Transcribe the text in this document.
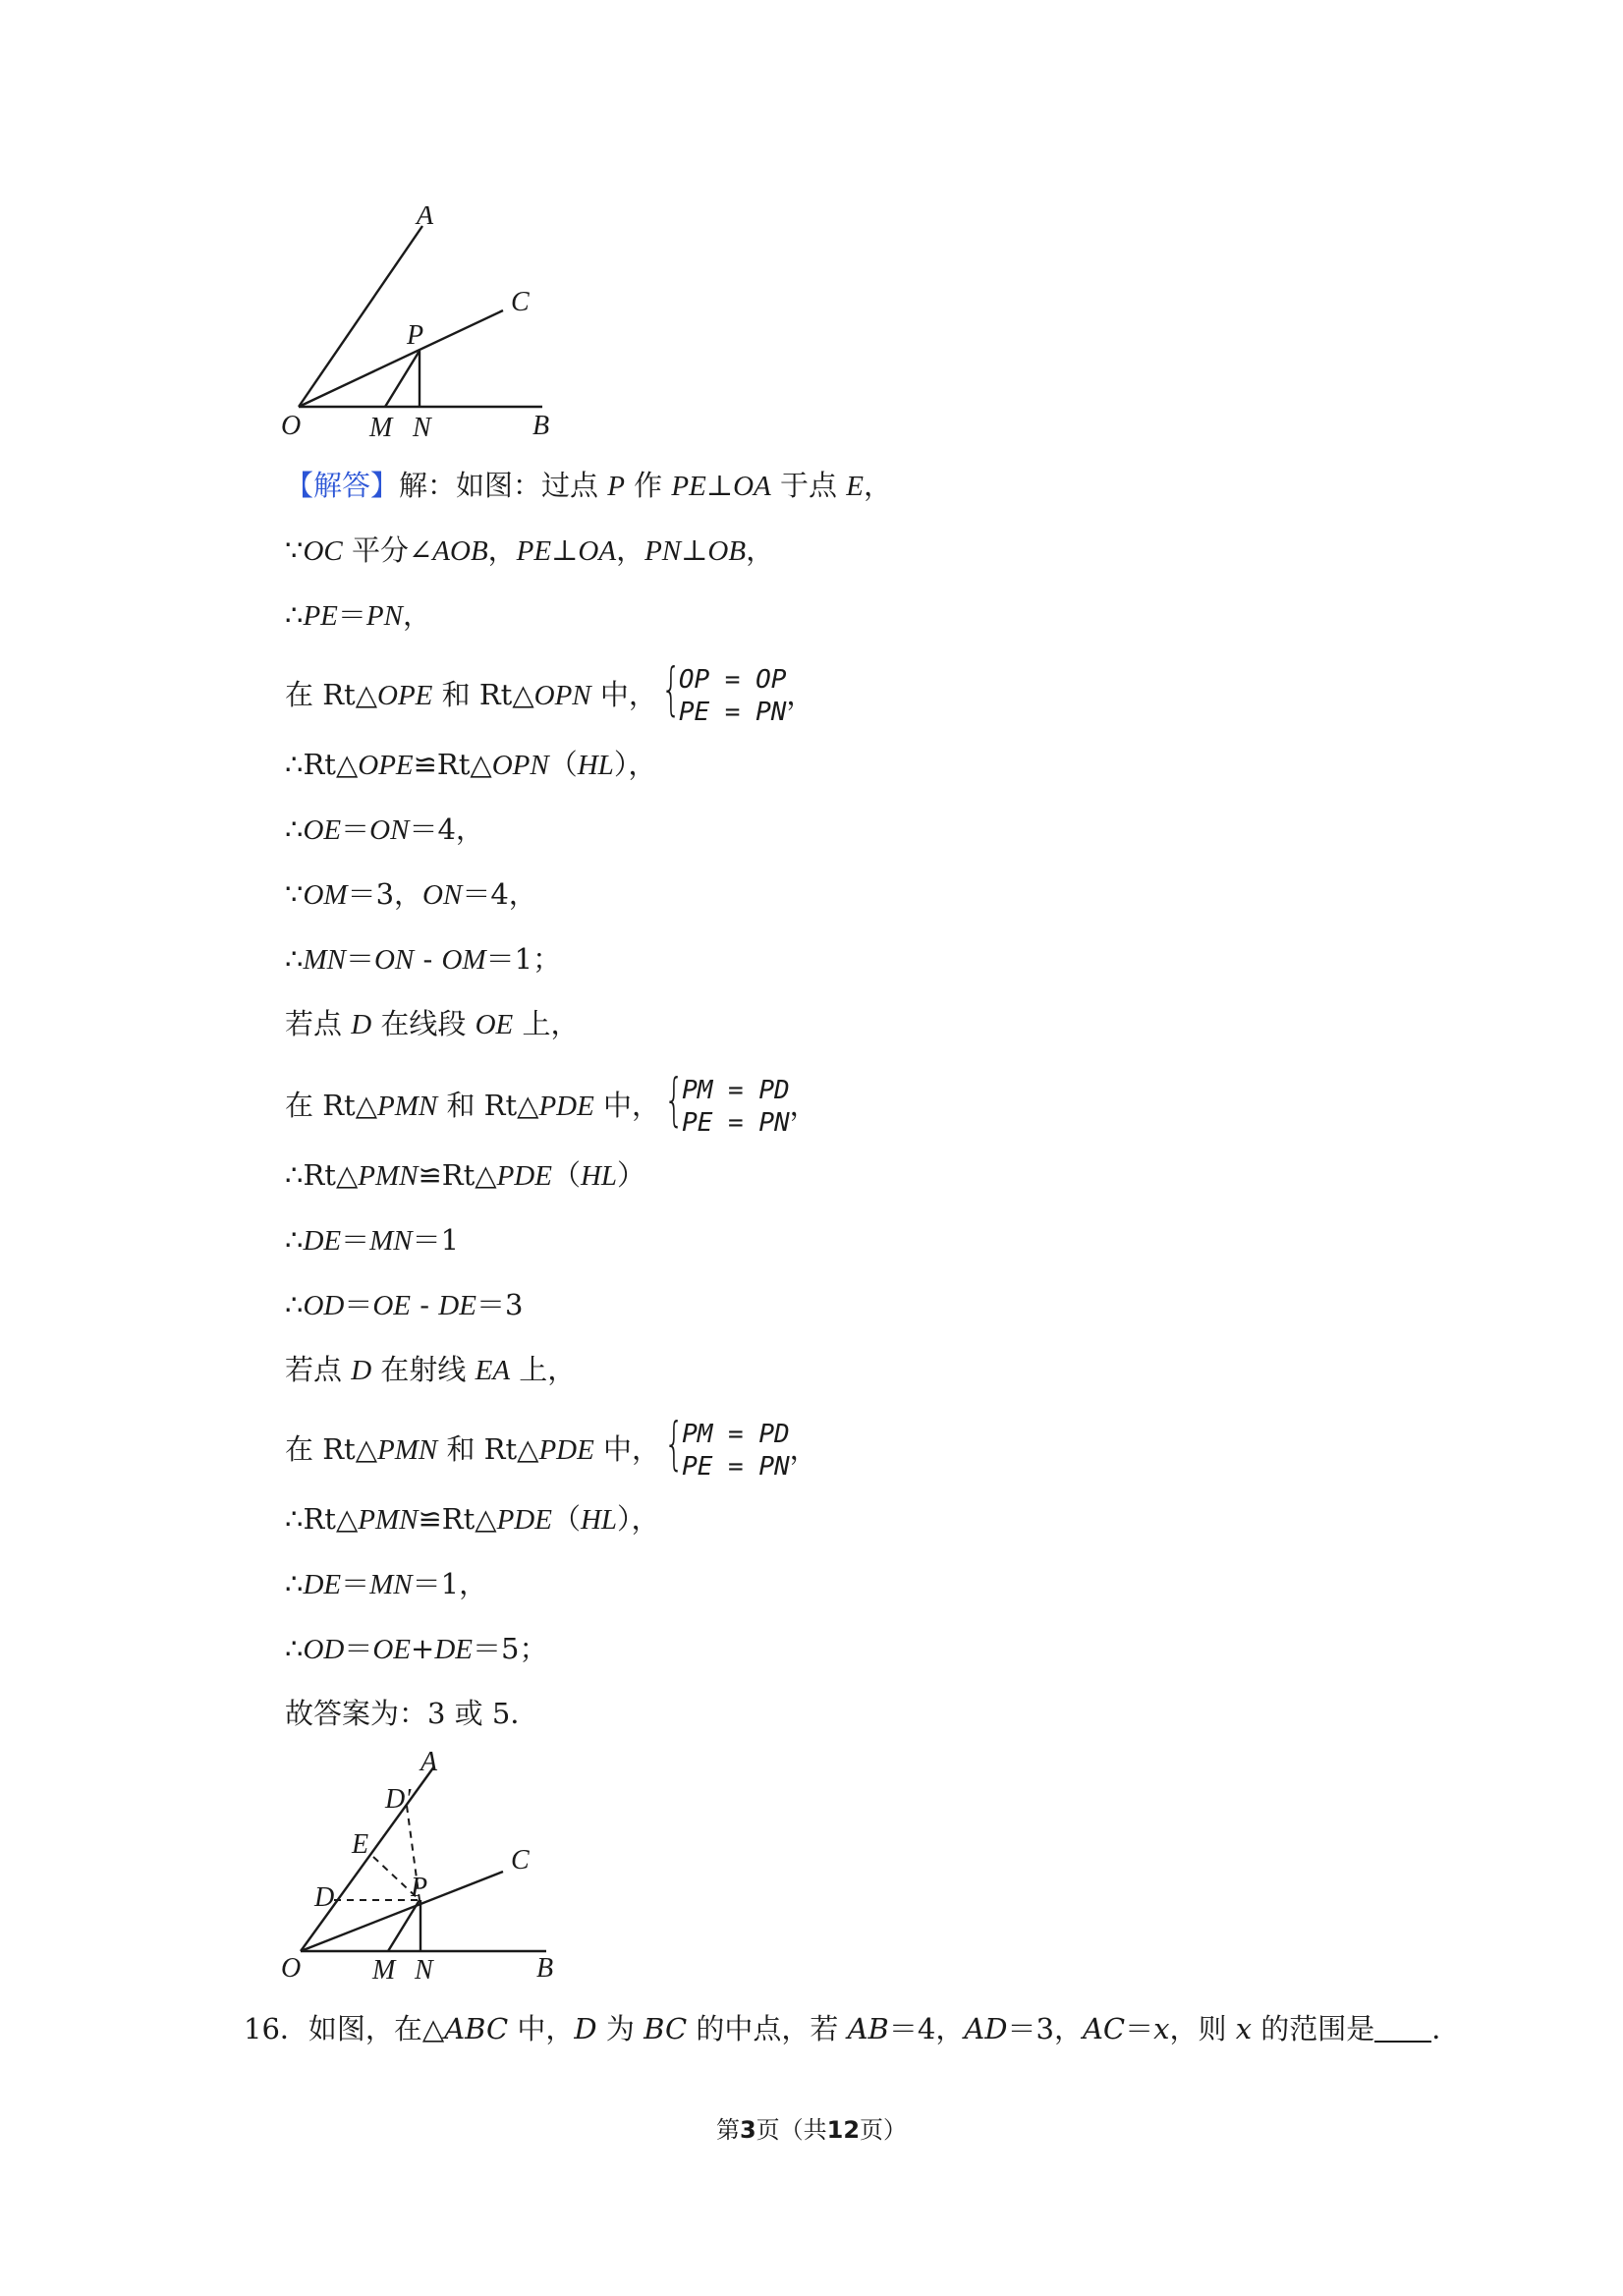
A
C
P
O M N	B
【解答】解：如图：过点 P 作 PE⊥OA 于点 E，
∵OC 平分∠AOB，PE⊥OA，PN⊥OB，
∴PE＝PN，
在 Rt△OPE 和 Rt△OPN 中， {
OP = OP
PE = PN
，
∴Rt△OPE≌Rt△OPN（HL），
∴OE＝ON＝4，
∵OM＝3，ON＝4，
∴MN＝ON - OM＝1；
若点 D 在线段 OE 上，
在 Rt△PMN 和 Rt△PDE 中， {
PM = PD
PE = PN
，
∴Rt△PMN≌Rt△PDE（HL）
∴DE＝MN＝1
∴OD＝OE - DE＝3
若点 D 在射线 EA 上，
在 Rt△PMN 和 Rt△PDE 中， {
PM = PD
PE = PN
，
∴Rt△PMN≌Rt△PDE（HL），
∴DE＝MN＝1，
∴OD＝OE+DE＝5；
故答案为：3 或 5．
A
D'
E
C
D	P
O	M N	B
16．如图，在△ABC 中，D 为 BC 的中点，若 AB＝4，AD＝3，AC＝x，则 x 的范围是 ．
第3页（共12页）
